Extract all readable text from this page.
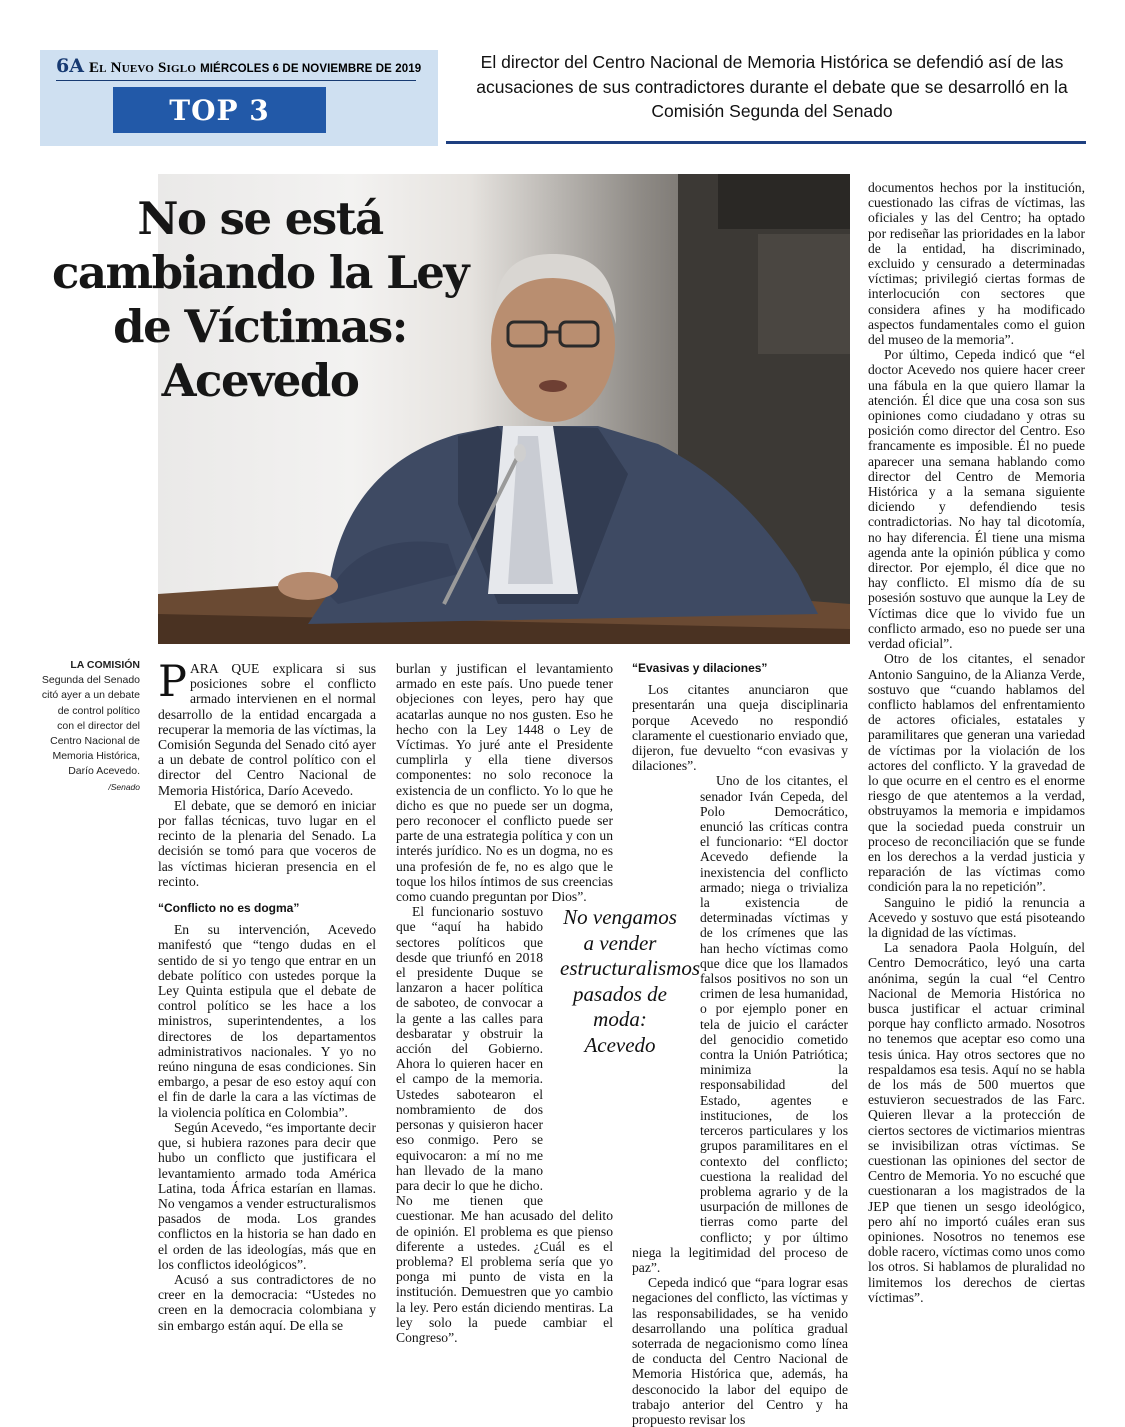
6A El Nuevo Siglo MIÉRCOLES 6 DE NOVIEMBRE DE 2019
TOP 3
El director del Centro Nacional de Memoria Histórica se defendió así de las acusaciones de sus contradictores durante el debate que se desarrolló en la Comisión Segunda del Senado
No se está cambiando la Ley de Víctimas: Acevedo
LA COMISIÓN
Segunda del Senado citó ayer a un debate de control político con el director del Centro Nacional de Memoria Histórica, Darío Acevedo. /Senado

PARA QUE explicara si sus posiciones sobre el conflicto armado intervienen en el normal desarrollo de la entidad encargada a recuperar la memoria de las víctimas, la Comisión Segunda del Senado citó ayer a un debate de control político con el director del Centro Nacional de Memoria Histórica, Darío Acevedo.

El debate, que se demoró en iniciar por fallas técnicas, tuvo lugar en el recinto de la plenaria del Senado. La decisión se tomó para que voceros de las víctimas hicieran presencia en el recinto.

“Conflicto no es dogma”

En su intervención, Acevedo manifestó que “tengo dudas en el sentido de si yo tengo que entrar en un debate político con ustedes porque la Ley Quinta estipula que el debate de control político se les hace a los ministros, superintendentes, a los directores de los departamentos administrativos nacionales. Y yo no reúno ninguna de esas condiciones. Sin embargo, a pesar de eso estoy aquí con el fin de darle la cara a las víctimas de la violencia política en Colombia”.

Según Acevedo, “es importante decir que, si hubiera razones para decir que hubo un conflicto que justificara el levantamiento armado toda América Latina, toda África estarían en llamas. No vengamos a vender estructuralismos pasados de moda. Los grandes conflictos en la historia se han dado en el orden de las ideologías, más que en los conflictos ideológicos”.

Acusó a sus contradictores de no creer en la democracia: “Ustedes no creen en la democracia colombiana y sin embargo están aquí. De ella se

burlan y justifican el levantamiento armado en este país. Uno puede tener objeciones con leyes, pero hay que acatarlas aunque no nos gusten. Eso he hecho con la Ley 1448 o Ley de Víctimas. Yo juré ante el Presidente cumplirla y ella tiene diversos componentes: no solo reconoce la existencia de un conflicto. Yo lo que he dicho es que no puede ser un dogma, pero reconocer el conflicto puede ser parte de una estrategia política y con un interés jurídico. No es un dogma, no es una profesión de fe, no es algo que le toque los hilos íntimos de sus creencias como cuando preguntan por Dios”.

El funcionario sostuvo que “aquí ha habido sectores políticos que desde que triunfó en 2018 el presidente Duque se lanzaron a hacer política de saboteo, de convocar a la gente a las calles para desbaratar y obstruir la acción del Gobierno. Ahora lo quieren hacer en el campo de la memoria. Ustedes sabotearon el nombramiento de dos personas y quisieron hacer eso conmigo. Pero se equivocaron: a mí no me han llevado de la mano para decir lo que he dicho. No me tienen que cuestionar. Me han acusado del delito de opinión. El problema es que pienso diferente a ustedes. ¿Cuál es el problema? El problema sería que yo ponga mi punto de vista en la institución. Demuestren que yo cambio la ley. Pero están diciendo mentiras. La ley solo la puede cambiar el Congreso”.

No vengamos a vender estructuralismos pasados de moda: Acevedo
“Evasivas y dilaciones”

Los citantes anunciaron que presentarán una queja disciplinaria porque Acevedo no respondió claramente el cuestionario enviado que, dijeron, fue devuelto “con evasivas y dilaciones”.

Uno de los citantes, el senador Iván Cepeda, del Polo Democrático, enunció las críticas contra el funcionario: “El doctor Acevedo defiende la inexistencia del conflicto armado; niega o trivializa la existencia de determinadas víctimas y de los crímenes que las han hecho víctimas como que dice que los llamados falsos positivos no son un crimen de lesa humanidad, o por ejemplo poner en tela de juicio el carácter del genocidio cometido contra la Unión Patriótica; minimiza la responsabilidad del Estado, agentes e instituciones, de los terceros particulares y los grupos paramilitares en el contexto del conflicto; cuestiona la realidad del problema agrario y de la usurpación de millones de tierras como parte del conflicto; y por último niega la legitimidad del proceso de paz”.

Cepeda indicó que “para lograr esas negaciones del conflicto, las víctimas y las responsabilidades, se ha venido desarrollando una política gradual soterrada de negacionismo como línea de conducta del Centro Nacional de Memoria Histórica que, además, ha desconocido la labor del equipo de trabajo anterior del Centro y ha propuesto revisar los

documentos hechos por la institución, cuestionado las cifras de víctimas, las oficiales y las del Centro; ha optado por rediseñar las prioridades en la labor de la entidad, ha discriminado, excluido y censurado a determinadas víctimas; privilegió ciertas formas de interlocución con sectores que considera afines y ha modificado aspectos fundamentales como el guion del museo de la memoria”.

Por último, Cepeda indicó que “el doctor Acevedo nos quiere hacer creer una fábula en la que quiero llamar la atención. Él dice que una cosa son sus opiniones como ciudadano y otras su posición como director del Centro. Eso francamente es imposible. Él no puede aparecer una semana hablando como director del Centro de Memoria Histórica y a la semana siguiente diciendo y defendiendo tesis contradictorias. No hay tal dicotomía, no hay diferencia. Él tiene una misma agenda ante la opinión pública y como director. Por ejemplo, él dice que no hay conflicto. El mismo día de su posesión sostuvo que aunque la Ley de Víctimas dice que lo vivido fue un conflicto armado, eso no puede ser una verdad oficial”.

Otro de los citantes, el senador Antonio Sanguino, de la Alianza Verde, sostuvo que “cuando hablamos del conflicto hablamos del enfrentamiento de actores oficiales, estatales y paramilitares que generan una variedad de víctimas por la violación de los actores del conflicto. Y la gravedad de lo que ocurre en el centro es el enorme riesgo de que atentemos a la verdad, obstruyamos la memoria e impidamos que la sociedad pueda construir un proceso de reconciliación que se funde en los derechos a la verdad justicia y reparación de las víctimas como condición para la no repetición”.

Sanguino le pidió la renuncia a Acevedo y sostuvo que está pisoteando la dignidad de las víctimas.

La senadora Paola Holguín, del Centro Democrático, leyó una carta anónima, según la cual “el Centro Nacional de Memoria Histórica no busca justificar el actuar criminal porque hay conflicto armado. Nosotros no tenemos que aceptar eso como una tesis única. Hay otros sectores que no respaldamos esa tesis. Aquí no se habla de los más de 500 muertos que estuvieron secuestrados de las Farc. Quieren llevar a la protección de ciertos sectores de victimarios mientras se invisibilizan otras víctimas. Se cuestionan las opiniones del sector de Centro de Memoria. Yo no escuché que cuestionaran a los magistrados de la JEP que tienen un sesgo ideológico, pero ahí no importó cuáles eran sus opiniones. Nosotros no tenemos ese doble racero, víctimas como unos como los otros. Si hablamos de pluralidad no limitemos los derechos de ciertas víctimas”.
